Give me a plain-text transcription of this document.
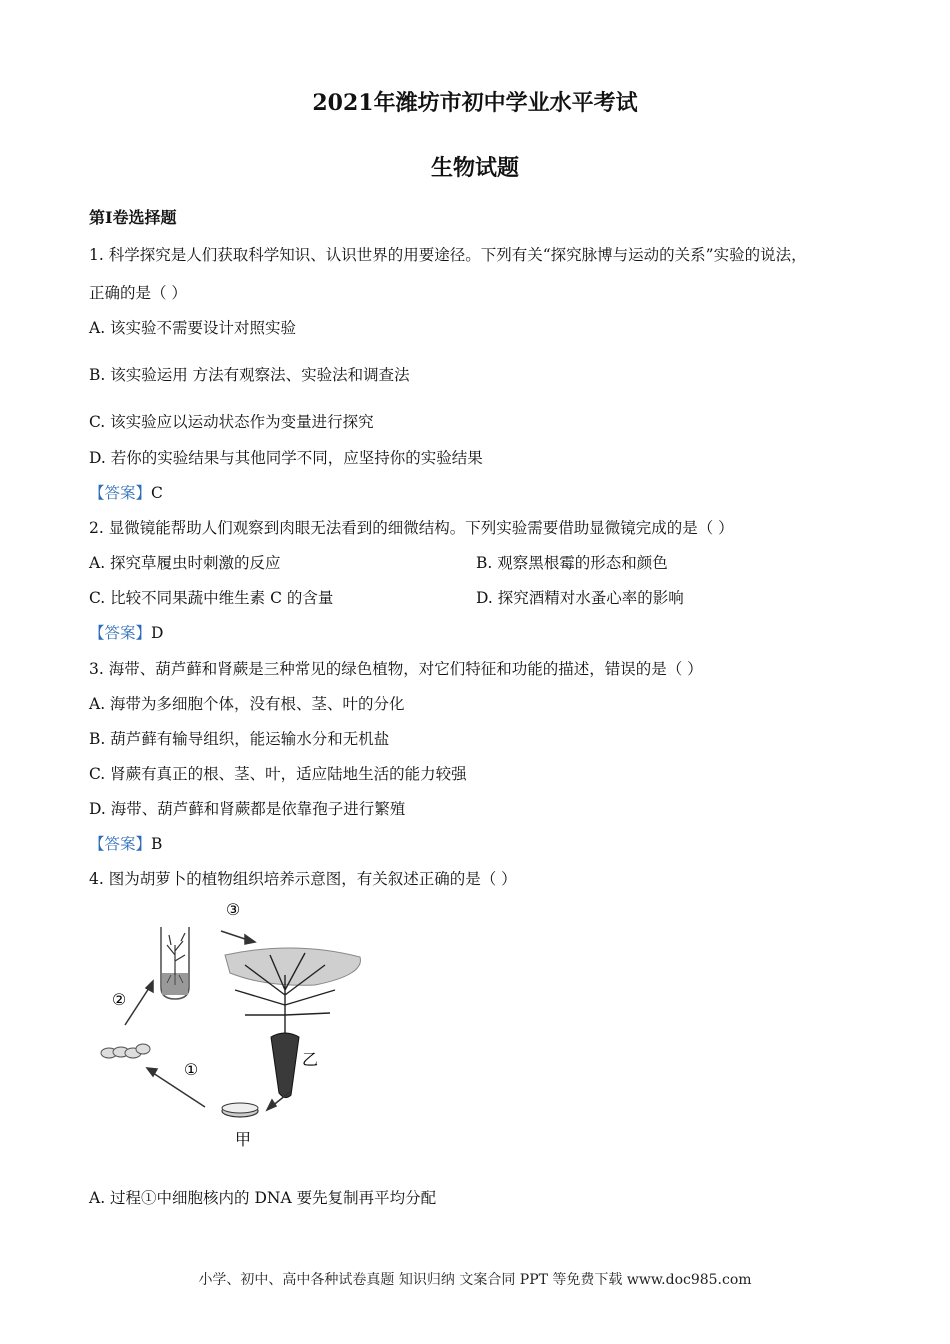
2021年潍坊市初中学业水平考试
生物试题
第I卷选择题
1. 科学探究是人们获取科学知识、认识世界的用要途径。下列有关“探究脉博与运动的关系”实验的说法，
正确的是（ ）
A. 该实验不需要设计对照实验
B. 该实验运用 方法有观察法、实验法和调查法
C. 该实验应以运动状态作为变量进行探究
D. 若你的实验结果与其他同学不同，应坚持你的实验结果
【答案】C
2. 显微镜能帮助人们观察到肉眼无法看到的细微结构。下列实验需要借助显微镜完成的是（ ）
A. 探究草履虫时刺激的反应	B. 观察黑根霉的形态和颜色
C. 比较不同果蔬中维生素 C 的含量	D. 探究酒精对水蚤心率的影响
【答案】D
3. 海带、葫芦藓和肾蕨是三种常见的绿色植物，对它们特征和功能的描述，错误的是（ ）
A. 海带为多细胞个体，没有根、茎、叶的分化
B. 葫芦藓有输导组织，能运输水分和无机盐
C. 肾蕨有真正的根、茎、叶，适应陆地生活的能力较强
D. 海带、葫芦藓和肾蕨都是依靠孢子进行繁殖
【答案】B
4. 图为胡萝卜的植物组织培养示意图，有关叙述正确的是（ ）
③
②
①
乙
甲
A. 过程①中细胞核内的 DNA 要先复制再平均分配
小学、初中、高中各种试卷真题 知识归纳 文案合同 PPT 等免费下载 www.doc985.com
